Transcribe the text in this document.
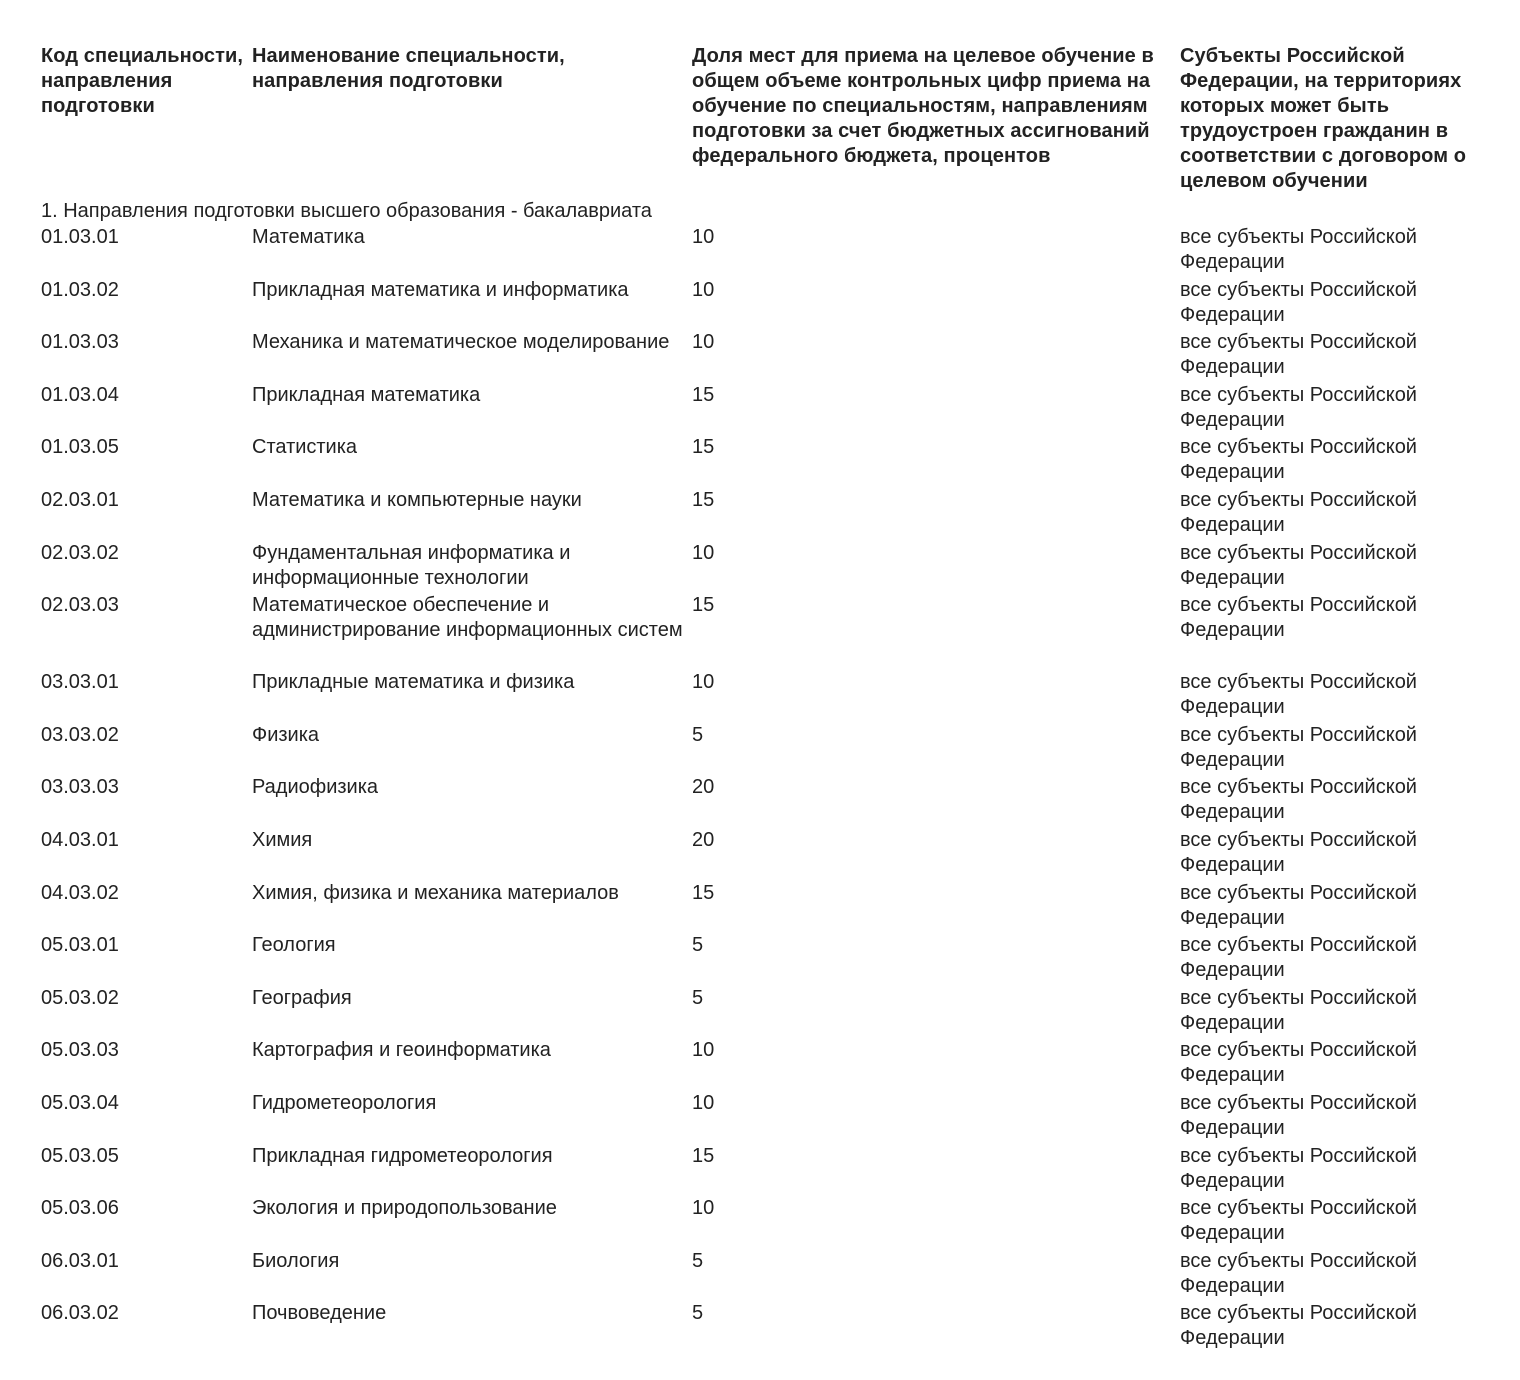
Код специальности, направления подготовки	Наименование специальности, направления подготовки	Доля мест для приема на целевое обучение в общем объеме контрольных цифр приема на обучение по специальностям, направлениям подготовки за счет бюджетных ассигнований федерального бюджета, процентов	Субъекты Российской Федерации, на территориях которых может быть трудоустроен гражданин в соответствии с договором о целевом обучении
1. Направления подготовки высшего образования - бакалавриата			
01.03.01	Математика	10	все субъекты Российской Федерации
01.03.02	Прикладная математика и информатика	10	все субъекты Российской Федерации
01.03.03	Механика и математическое моделирование	10	все субъекты Российской Федерации
01.03.04	Прикладная математика	15	все субъекты Российской Федерации
01.03.05	Статистика	15	все субъекты Российской Федерации
02.03.01	Математика и компьютерные науки	15	все субъекты Российской Федерации
02.03.02	Фундаментальная информатика и информационные технологии	10	все субъекты Российской Федерации
02.03.03	Математическое обеспечение и администрирование информационных систем	15	все субъекты Российской Федерации
03.03.01	Прикладные математика и физика	10	все субъекты Российской Федерации
03.03.02	Физика	5	все субъекты Российской Федерации
03.03.03	Радиофизика	20	все субъекты Российской Федерации
04.03.01	Химия	20	все субъекты Российской Федерации
04.03.02	Химия, физика и механика материалов	15	все субъекты Российской Федерации
05.03.01	Геология	5	все субъекты Российской Федерации
05.03.02	География	5	все субъекты Российской Федерации
05.03.03	Картография и геоинформатика	10	все субъекты Российской Федерации
05.03.04	Гидрометеорология	10	все субъекты Российской Федерации
05.03.05	Прикладная гидрометеорология	15	все субъекты Российской Федерации
05.03.06	Экология и природопользование	10	все субъекты Российской Федерации
06.03.01	Биология	5	все субъекты Российской Федерации
06.03.02	Почвоведение	5	все субъекты Российской Федерации
